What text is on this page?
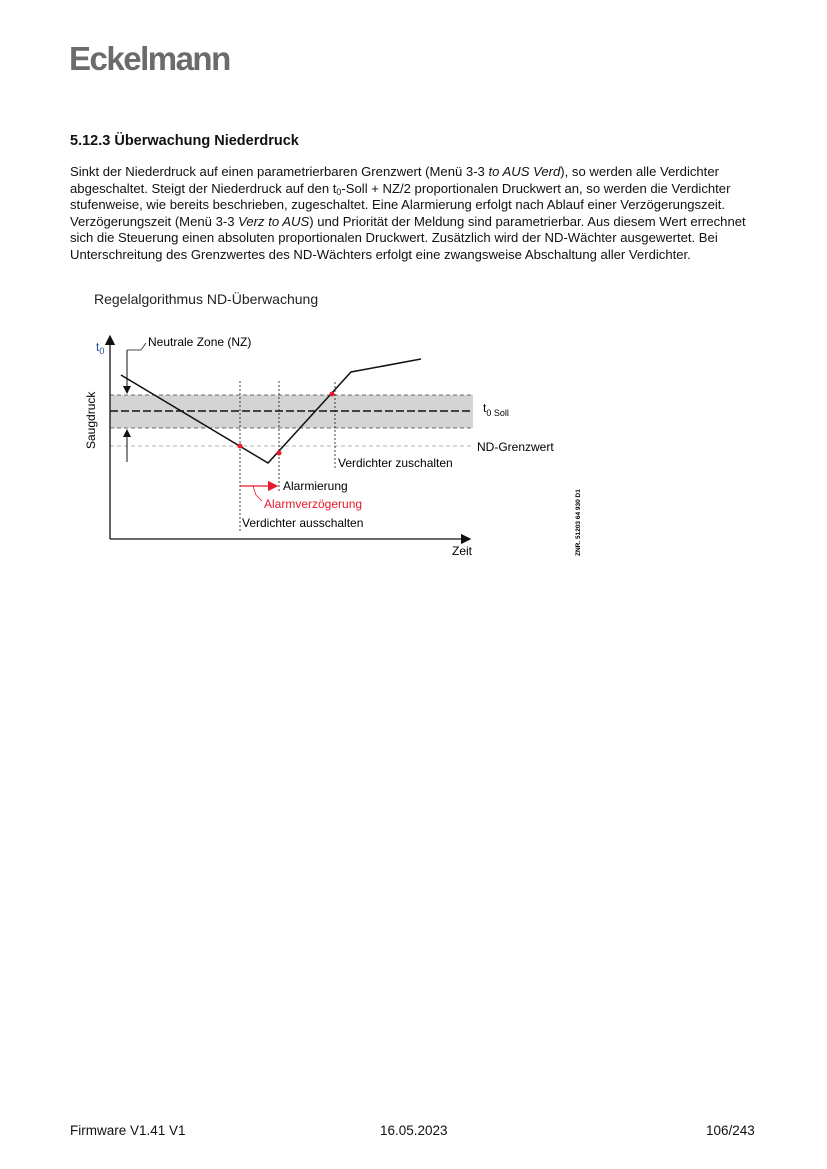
Eckelmann
5.12.3 Überwachung Niederdruck
Sinkt der Niederdruck auf einen parametrierbaren Grenzwert (Menü 3-3 to AUS Verd), so werden alle Verdichter abgeschaltet. Steigt der Niederdruck auf den $t_0$-Soll + NZ/2 proportionalen Druckwert an, so werden die Verdichter stufenweise, wie bereits beschrieben, zugeschaltet. Eine Alarmierung erfolgt nach Ablauf einer Verzögerungszeit. Verzögerungszeit (Menü 3-3 Verz to AUS) und Priorität der Meldung sind parametrierbar. Aus diesem Wert errechnet sich die Steuerung einen absoluten proportionalen Druckwert. Zusätzlich wird der ND-Wächter ausgewertet. Bei Unterschreitung des Grenzwertes des ND-Wächters erfolgt eine zwangsweise Abschaltung aller Verdichter.
Regelalgorithmus ND-Überwachung
$t_0$
Saugdruck
Zeit
Neutrale Zone (NZ)
$t_{0 Soll}$
ND-Grenzwert
Verdichter zuschalten
Alarmierung
Alarmverzögerung
Verdichter ausschalten	ZNR. 51203 64 930 D1
Firmware V1.41 V1	16.05.2023	106/243
